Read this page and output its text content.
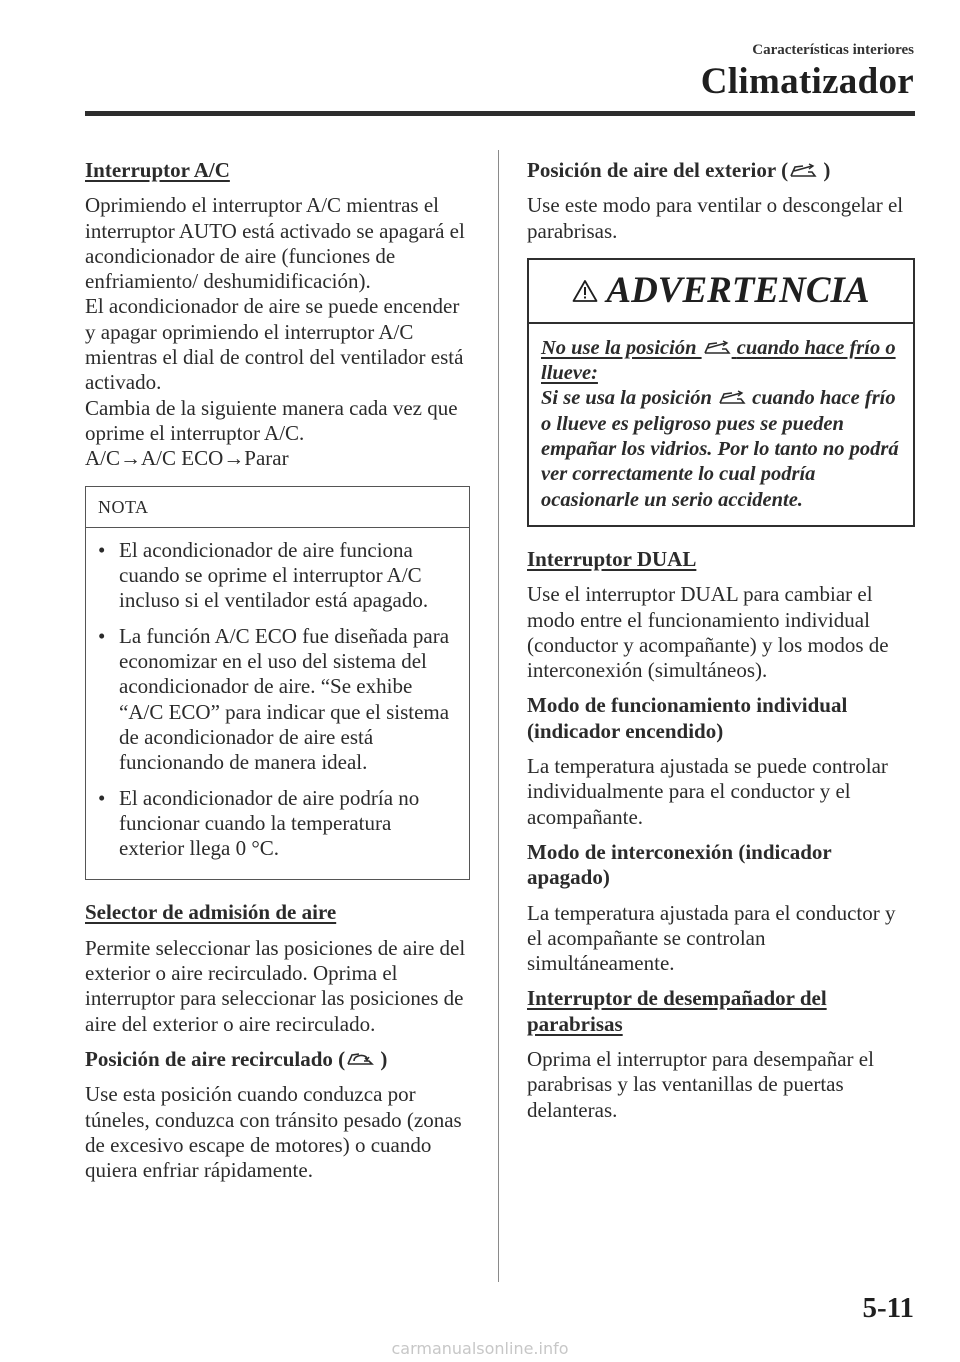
Características interiores
Climatizador
Interruptor A/C

Oprimiendo el interruptor A/C mientras el interruptor AUTO está activado se apagará el acondicionador de aire (funciones de enfriamiento/ deshumidificación).

El acondicionador de aire se puede encender y apagar oprimiendo el interruptor A/C mientras el dial de control del ventilador está activado.

Cambia de la siguiente manera cada vez que oprime el interruptor A/C.

A/C→A/C ECO→Parar

NOTA
• El acondicionador de aire funciona cuando se oprime el interruptor A/C incluso si el ventilador está apagado.
• La función A/C ECO fue diseñada para economizar en el uso del sistema del acondicionador de aire. “Se exhibe “A/C ECO” para indicar que el sistema de acondicionador de aire está funcionando de manera ideal.
• El acondicionador de aire podría no funcionar cuando la temperatura exterior llega 0 °C.
Selector de admisión de aire

Permite seleccionar las posiciones de aire del exterior o aire recirculado. Oprima el interruptor para seleccionar las posiciones de aire del exterior o aire recirculado.

Posición de aire recirculado ( )

Use esta posición cuando conduzca por túneles, conduzca con tránsito pesado (zonas de excesivo escape de motores) o cuando quiera enfriar rápidamente.

Posición de aire del exterior ( )

Use este modo para ventilar o descongelar el parabrisas.

ADVERTENCIA
No use la posición cuando hace frío o llueve:
Si se usa la posición cuando hace frío o llueve es peligroso pues se pueden empañar los vidrios. Por lo tanto no podrá ver correctamente lo cual podría ocasionarle un serio accidente.
Interruptor DUAL

Use el interruptor DUAL para cambiar el modo entre el funcionamiento individual (conductor y acompañante) y los modos de interconexión (simultáneos).

Modo de funcionamiento individual (indicador encendido)

La temperatura ajustada se puede controlar individualmente para el conductor y el acompañante.

Modo de interconexión (indicador apagado)

La temperatura ajustada para el conductor y el acompañante se controlan simultáneamente.

Interruptor de desempañador del parabrisas

Oprima el interruptor para desempañar el parabrisas y las ventanillas de puertas delanteras.

5-11
carmanualsonline.info
